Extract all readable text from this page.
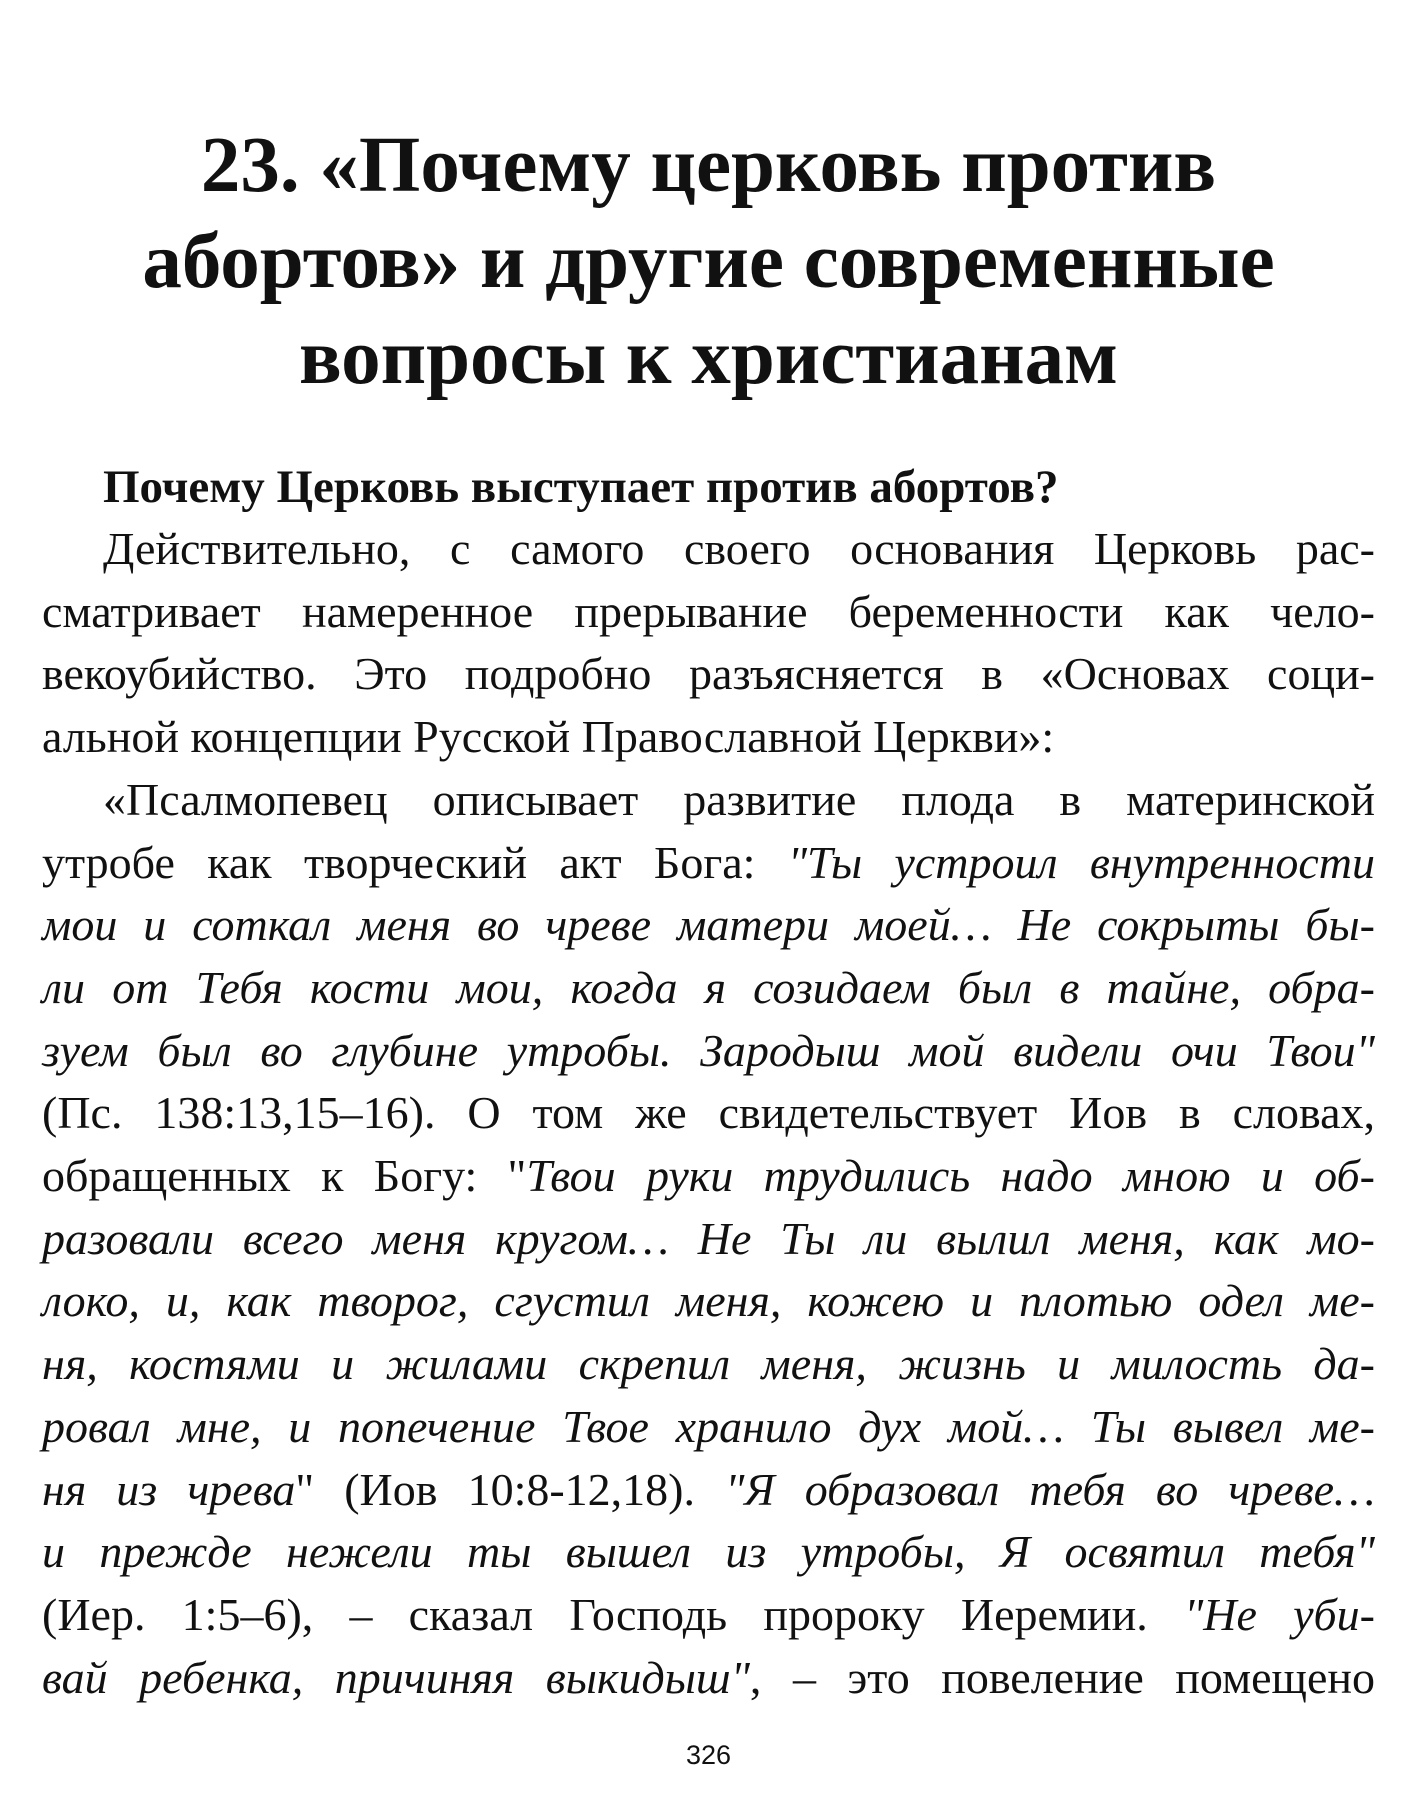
23. «Почему церковь против
абортов» и другие современные
вопросы к христианам

Почему Церковь выступает против абортов?

Действительно, с самого своего основания Церковь рас-
сматривает намеренное прерывание беременности как чело-
векоубийство. Это подробно разъясняется в «Основах соци-
альной концепции Русской Православной Церкви»:

«Псалмопевец описывает развитие плода в материнской
утробе как творческий акт Бога: "Ты устроил внутренности
мои и соткал меня во чреве матери моей… Не сокрыты бы-
ли от Тебя кости мои, когда я созидаем был в тайне, обра-
зуем был во глубине утробы. Зародыш мой видели очи Твои"
(Пс. 138:13,15–16). О том же свидетельствует Иов в словах,
обращенных к Богу: "Твои руки трудились надо мною и об-
разовали всего меня кругом… Не Ты ли вылил меня, как мо-
локо, и, как творог, сгустил меня, кожею и плотью одел ме-
ня, костями и жилами скрепил меня, жизнь и милость да-
ровал мне, и попечение Твое хранило дух мой… Ты вывел ме-
ня из чрева" (Иов 10:8-12,18). "Я образовал тебя во чреве…
и прежде нежели ты вышел из утробы, Я освятил тебя"
(Иер. 1:5–6), – сказал Господь пророку Иеремии. "Не уби-
вай ребенка, причиняя выкидыш", – это повеление помещено

326
